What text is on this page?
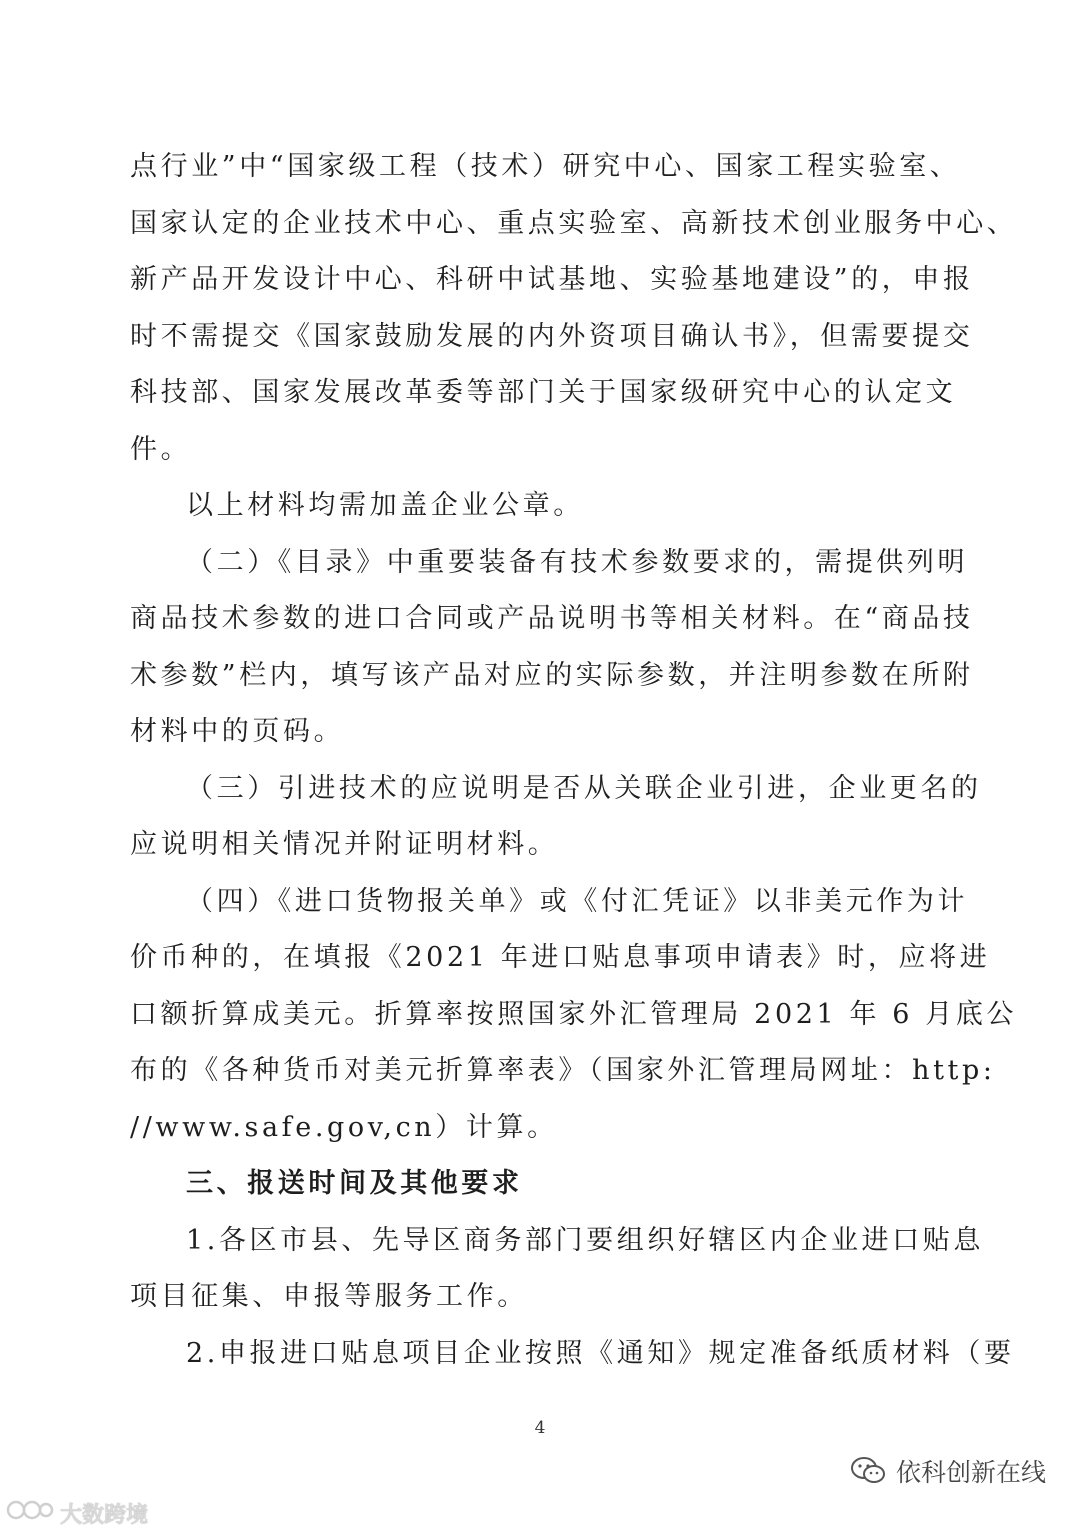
点行业”中“国家级工程（技术）研究中心、国家工程实验室、
国家认定的企业技术中心、重点实验室、高新技术创业服务中心、
新产品开发设计中心、科研中试基地、实验基地建设”的，申报
时不需提交《国家鼓励发展的内外资项目确认书》，但需要提交
科技部、国家发展改革委等部门关于国家级研究中心的认定文
件。
以上材料均需加盖企业公章。
（二）《目录》中重要装备有技术参数要求的，需提供列明
商品技术参数的进口合同或产品说明书等相关材料。在“商品技
术参数”栏内，填写该产品对应的实际参数，并注明参数在所附
材料中的页码。
（三）引进技术的应说明是否从关联企业引进，企业更名的
应说明相关情况并附证明材料。
（四）《进口货物报关单》或《付汇凭证》以非美元作为计
价币种的，在填报《2021 年进口贴息事项申请表》时，应将进
口额折算成美元。折算率按照国家外汇管理局 2021 年 6 月底公
布的《各种货币对美元折算率表》（国家外汇管理局网址：http:
//www.safe.gov,cn）计算。
三、报送时间及其他要求
1.各区市县、先导区商务部门要组织好辖区内企业进口贴息
项目征集、申报等服务工作。
2.申报进口贴息项目企业按照《通知》规定准备纸质材料（要
4
依科创新在线
大数跨境
